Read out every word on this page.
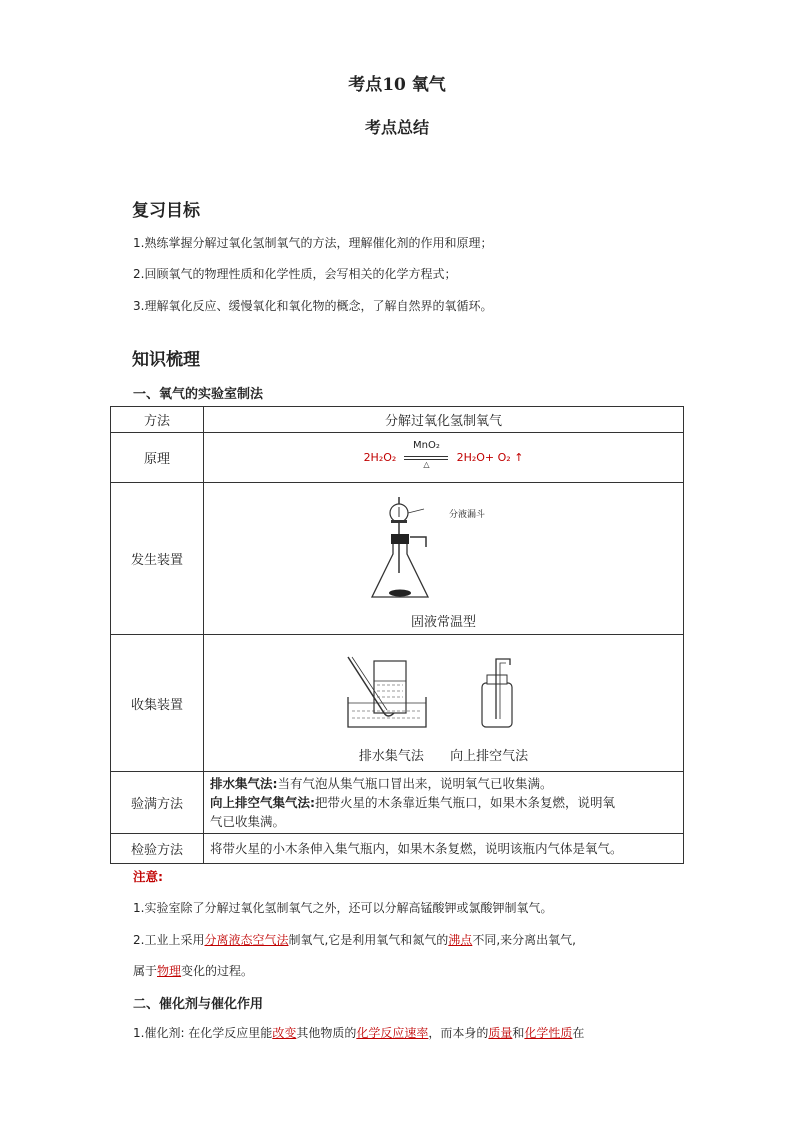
考点10 氧气
考点总结
复习目标
1.熟练掌握分解过氧化氢制氧气的方法，理解催化剂的作用和原理；
2.回顾氧气的物理性质和化学性质，会写相关的化学方程式；
3.理解氧化反应、缓慢氧化和氧化物的概念，了解自然界的氧循环。
知识梳理
一、氧气的实验室制法
方法	分解过氧化氢制氧气
原理	2H₂O₂
MnO₂
△ 2H₂O+ O₂ ↑
发生装置	分液漏斗
固液常温型

收集装置	排水集气法 向上排空气法

验满方法	排水集气法:当有气泡从集气瓶口冒出来，说明氧气已收集满。
向上排空气集气法:把带火星的木条靠近集气瓶口，如果木条复燃，说明氧
气已收集满。
检验方法	将带火星的小木条伸入集气瓶内，如果木条复燃，说明该瓶内气体是氧气。
注意:
1.实验室除了分解过氧化氢制氧气之外，还可以分解高锰酸钾或氯酸钾制氧气。
2.工业上采用分离液态空气法制氧气,它是利用氧气和氮气的沸点不同,来分离出氧气,
属于物理变化的过程。
二、催化剂与催化作用
1.催化剂: 在化学反应里能改变其他物质的化学反应速率，而本身的质量和化学性质在
